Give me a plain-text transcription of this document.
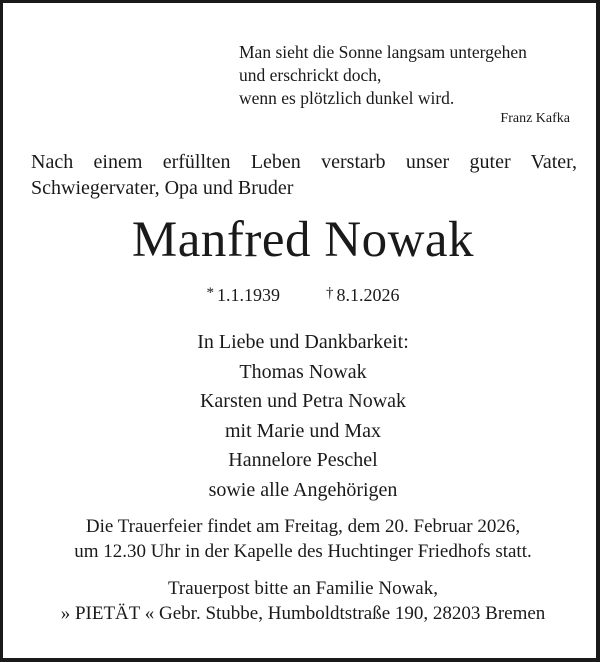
Man sieht die Sonne langsam untergehen
und erschrickt doch,
wenn es plötzlich dunkel wird.
Franz Kafka
Nach einem erfüllten Leben verstarb unser guter Vater,
Schwiegervater, Opa und Bruder
Manfred Nowak
* 1.1.1939	† 8.1.2026
In Liebe und Dankbarkeit:
Thomas Nowak
Karsten und Petra Nowak
mit Marie und Max
Hannelore Peschel
sowie alle Angehörigen
Die Trauerfeier findet am Freitag, dem 20. Februar 2026,
um 12.30 Uhr in der Kapelle des Huchtinger Friedhofs statt.
Trauerpost bitte an Familie Nowak,
» PIETÄT « Gebr. Stubbe, Humboldtstraße 190, 28203 Bremen
